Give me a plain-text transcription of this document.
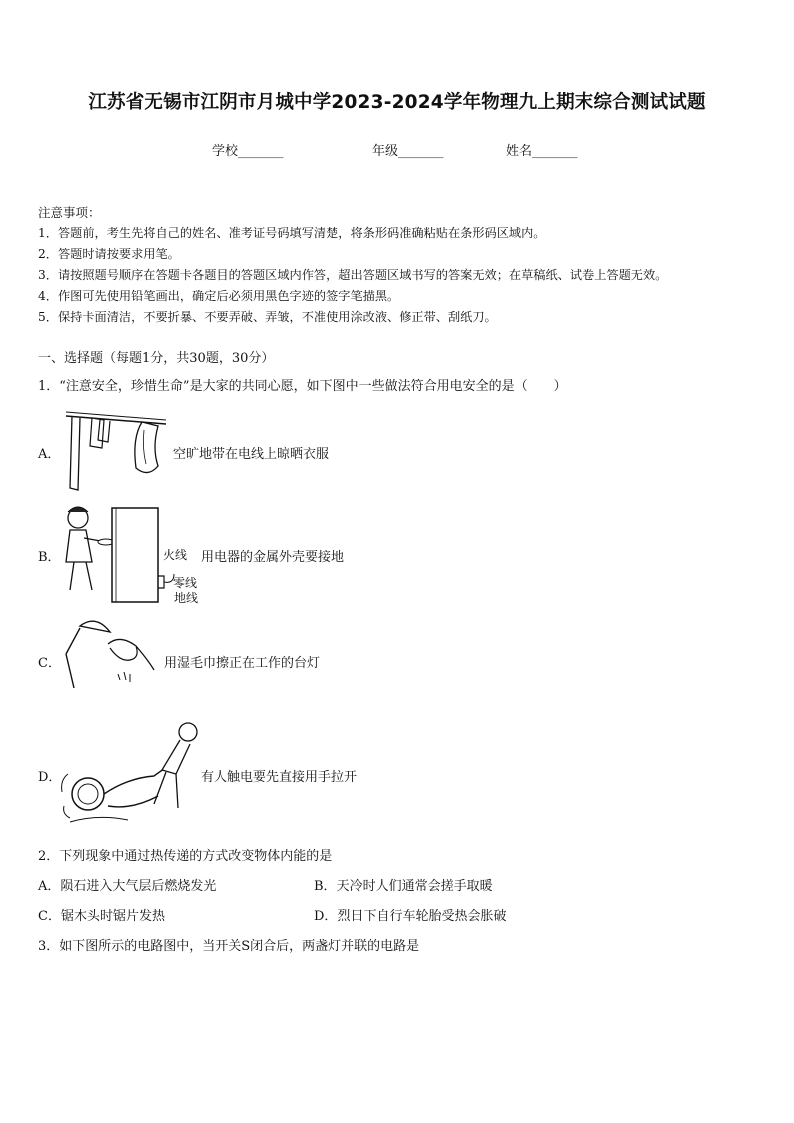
江苏省无锡市江阴市月城中学2023-2024学年物理九上期末综合测试试题
学校_______	年级_______	姓名_______
注意事项：
1．答题前，考生先将自己的姓名、准考证号码填写清楚，将条形码准确粘贴在条形码区域内。
2．答题时请按要求用笔。
3．请按照题号顺序在答题卡各题目的答题区域内作答，超出答题区域书写的答案无效；在草稿纸、试卷上答题无效。
4．作图可先使用铅笔画出，确定后必须用黑色字迹的签字笔描黑。
5．保持卡面清洁，不要折暴、不要弄破、弄皱，不准使用涂改液、修正带、刮纸刀。
一、选择题（每题1分，共30题，30分）
1．“注意安全，珍惜生命”是大家的共同心愿，如下图中一些做法符合用电安全的是（　　）
A．	空旷地带在电线上晾晒衣服
B．	火线
零线
地线
用电器的金属外壳要接地
C．	用湿毛巾擦正在工作的台灯
D．	有人触电要先直接用手拉开
2．下列现象中通过热传递的方式改变物体内能的是
A．陨石进入大气层后燃烧发光	B．天冷时人们通常会搓手取暖
C．锯木头时锯片发热	D．烈日下自行车轮胎受热会胀破
3．如下图所示的电路图中，当开关S闭合后，两盏灯并联的电路是
